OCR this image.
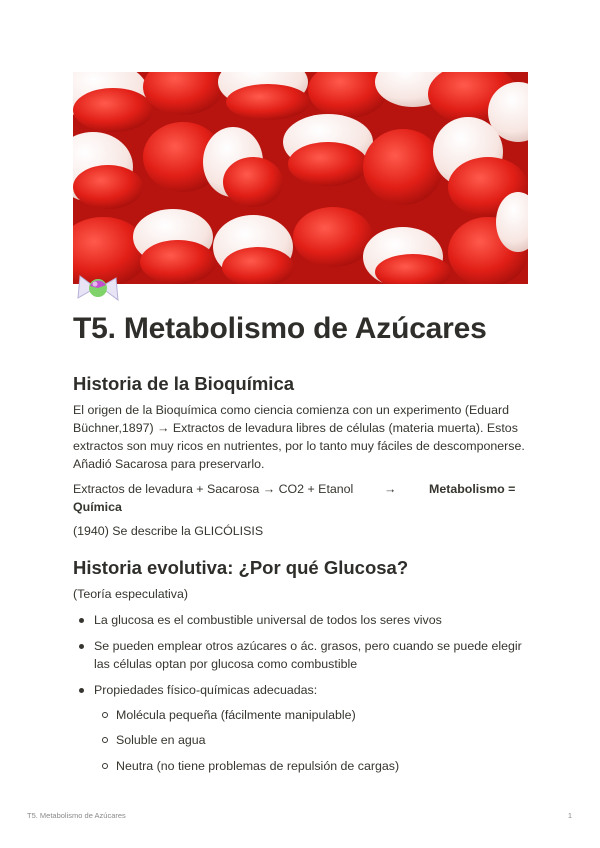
T5. Metabolismo de Azúcares
Historia de la Bioquímica

El origen de la Bioquímica como ciencia comienza con un experimento (Eduard Büchner,1897) → Extractos de levadura libres de células (materia muerta). Estos extractos son muy ricos en nutrientes, por lo tanto muy fáciles de descomponerse. Añadió Sacarosa para preservarlo.

Extractos de levadura + Sacarosa → CO2 + Etanol →	Metabolismo =
Química
(1940) Se describe la GLICÓLISIS
Historia evolutiva: ¿Por qué Glucosa?
(Teoría especulativa)
La glucosa es el combustible universal de todos los seres vivos
Se pueden emplear otros azúcares o ác. grasos, pero cuando se puede elegir las células optan por glucosa como combustible
Propiedades físico-químicas adecuadas:
Molécula pequeña (fácilmente manipulable)
Soluble en agua
Neutra (no tiene problemas de repulsión de cargas)
T5. Metabolismo de Azúcares	1
